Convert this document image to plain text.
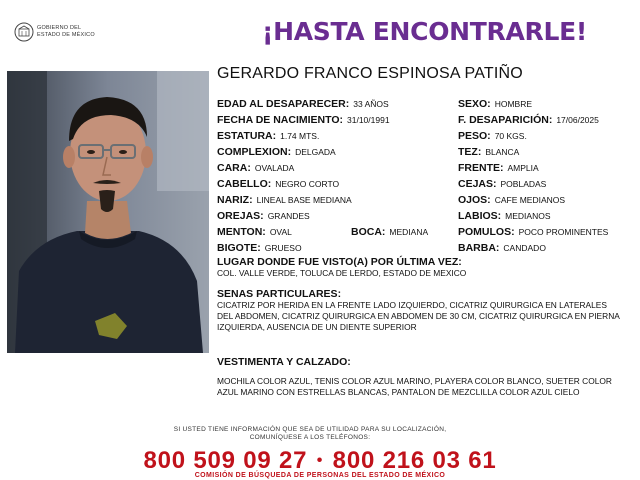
GOBIERNO DEL
ESTADO DE MÉXICO	¡HASTA ENCONTRARLE!
GERARDO FRANCO ESPINOSA PATIÑO
EDAD AL DESAPARECER: 33 AÑOS	SEXO: HOMBRE
FECHA DE NACIMIENTO: 31/10/1991	F. DESAPARICIÓN: 17/06/2025
ESTATURA: 1.74 MTS.	PESO: 70 KGS.
COMPLEXION: DELGADA	TEZ: BLANCA
CARA: OVALADA	FRENTE: AMPLIA
CABELLO: NEGRO CORTO	CEJAS: POBLADAS
NARIZ: LINEAL BASE MEDIANA	OJOS: CAFE MEDIANOS
OREJAS: GRANDES	LABIOS: MEDIANOS
MENTON: OVAL	BOCA: MEDIANA	POMULOS: POCO PROMINENTES
BIGOTE: GRUESO	BARBA: CANDADO
LUGAR DONDE FUE VISTO(A) POR ÚLTIMA VEZ:
COL. VALLE VERDE, TOLUCA DE LERDO, ESTADO DE MEXICO
SENAS PARTICULARES:
CICATRIZ POR HERIDA EN LA FRENTE LADO IZQUIERDO, CICATRIZ QUIRURGICA EN LATERALES DEL ABDOMEN, CICATRIZ QUIRURGICA EN ABDOMEN DE 30 CM, CICATRIZ QUIRURGICA EN PIERNA IZQUIERDA, AUSENCIA DE UN DIENTE SUPERIOR
VESTIMENTA Y CALZADO:
MOCHILA COLOR AZUL, TENIS COLOR AZUL MARINO, PLAYERA COLOR BLANCO, SUETER COLOR AZUL MARINO CON ESTRELLAS BLANCAS, PANTALON DE MEZCLILLA COLOR AZUL CIELO
SI USTED TIENE INFORMACIÓN QUE SEA DE UTILIDAD PARA SU LOCALIZACIÓN,
COMUNÍQUESE A LOS TELÉFONOS:
800 509 09 27 • 800 216 03 61
COMISIÓN DE BÚSQUEDA DE PERSONAS DEL ESTADO DE MÉXICO
